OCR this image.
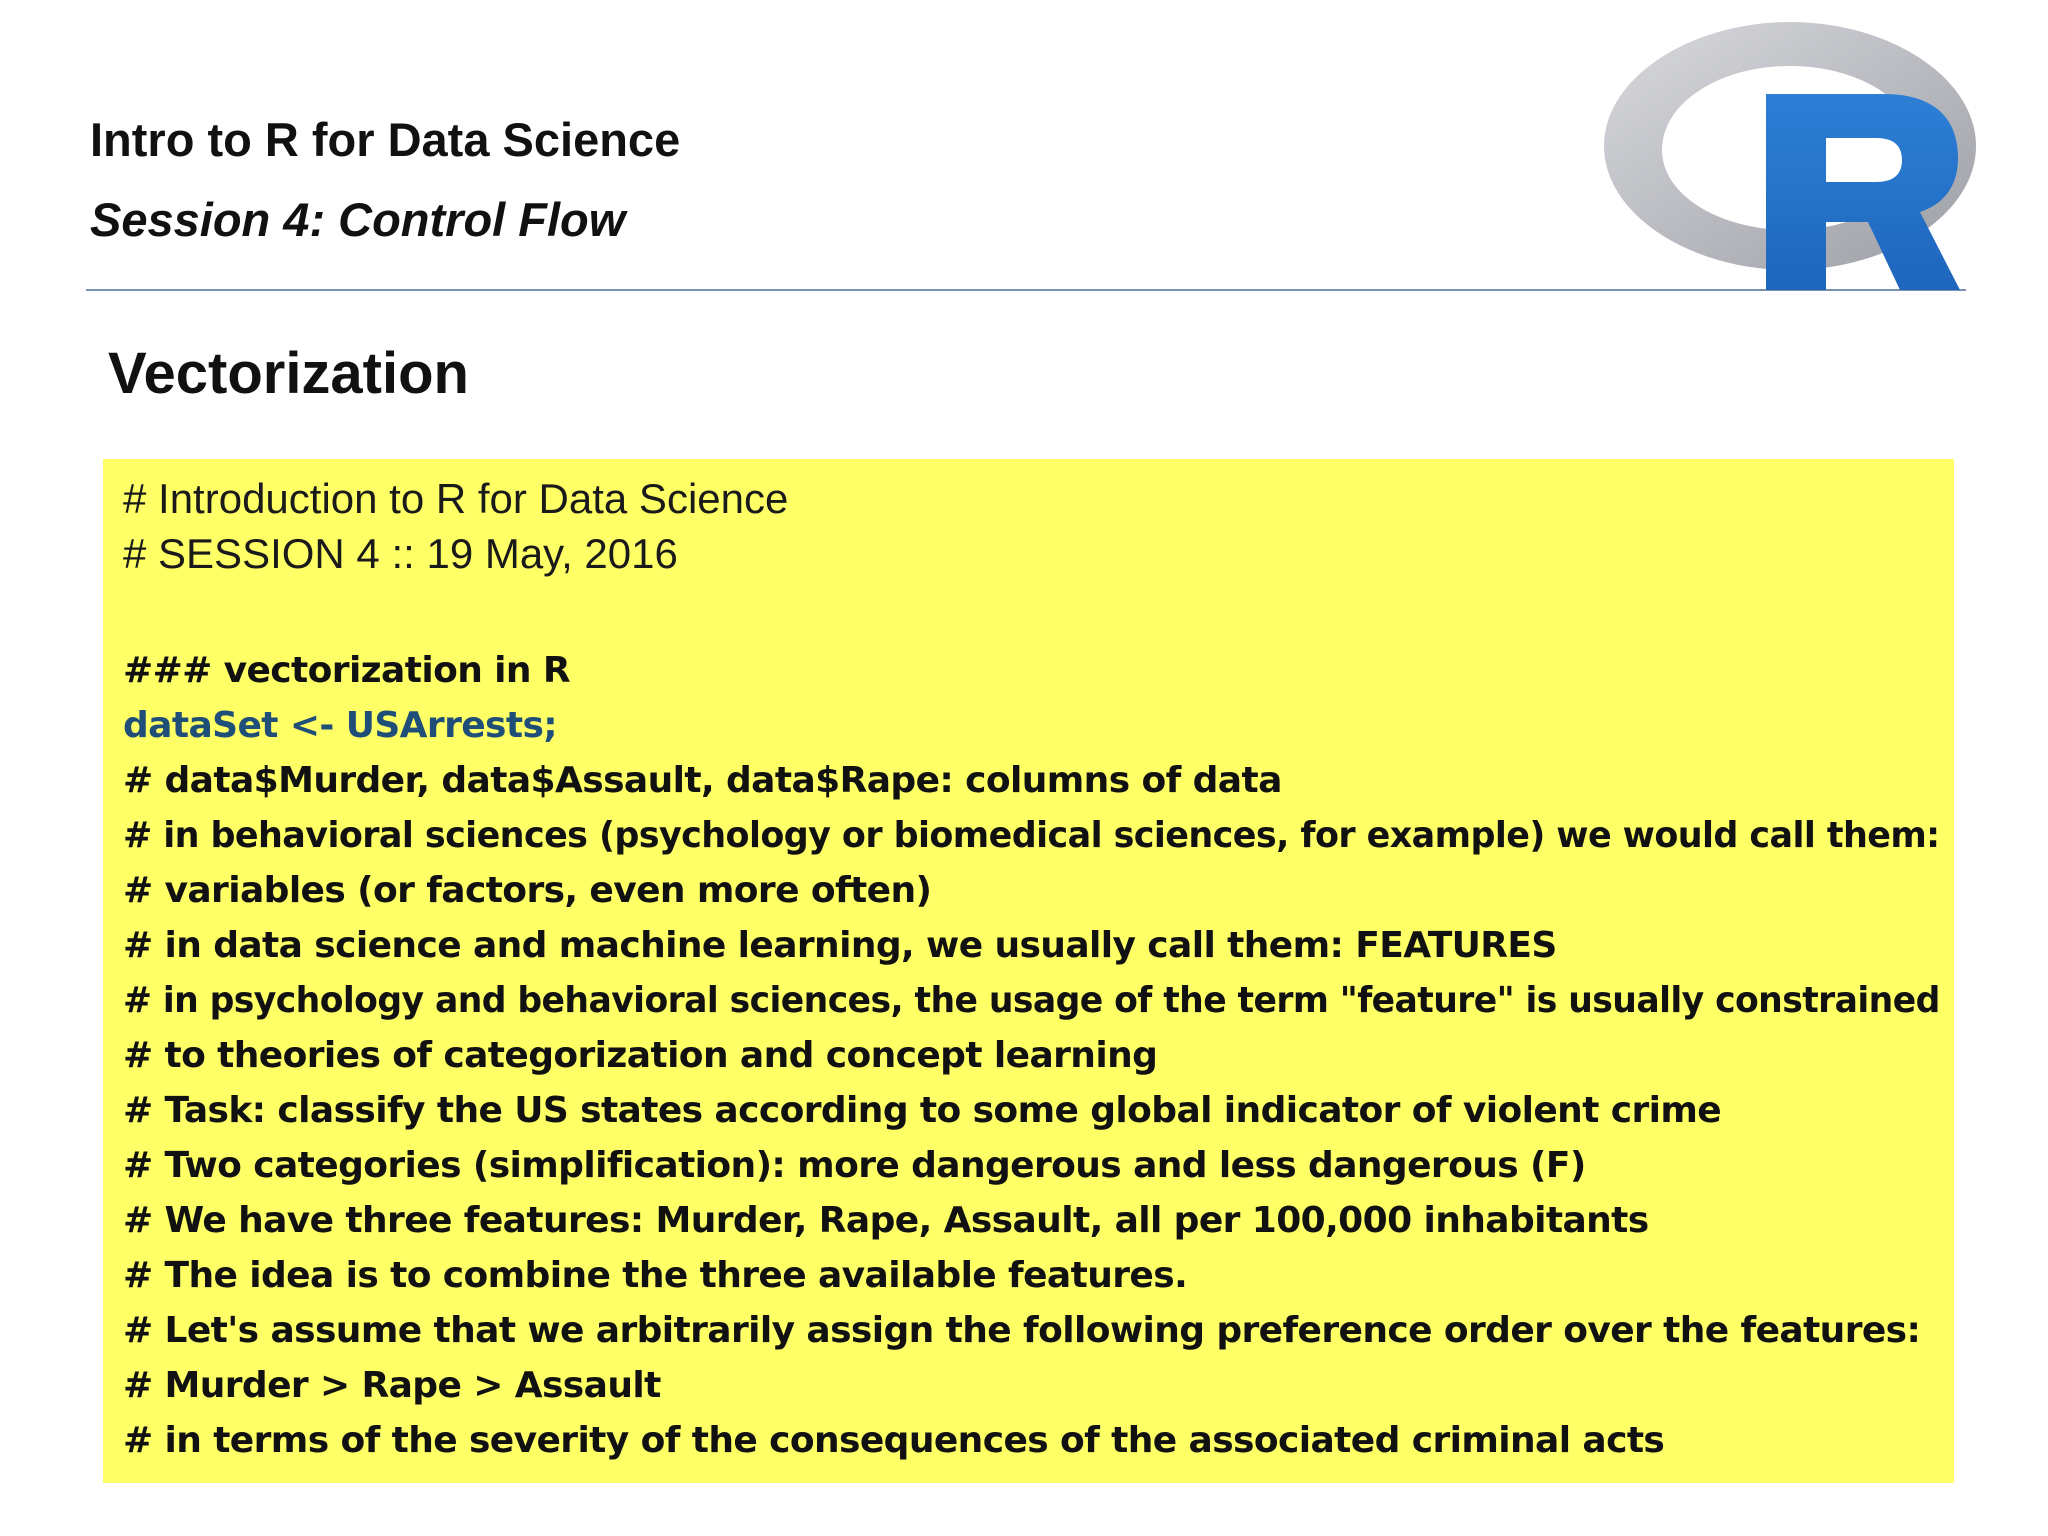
Intro to R for Data Science
Session 4: Control Flow
Vectorization
# Introduction to R for Data Science
# SESSION 4 :: 19 May, 2016
### vectorization in R
dataSet <- USArrests;
# data$Murder, data$Assault, data$Rape: columns of data
# in behavioral sciences (psychology or biomedical sciences, for example) we would call them:
# variables (or factors, even more often)
# in data science and machine learning, we usually call them: FEATURES
# in psychology and behavioral sciences, the usage of the term "feature" is usually constrained
# to theories of categorization and concept learning
# Task: classify the US states according to some global indicator of violent crime
# Two categories (simplification): more dangerous and less dangerous (F)
# We have three features: Murder, Rape, Assault, all per 100,000 inhabitants
# The idea is to combine the three available features.
# Let's assume that we arbitrarily assign the following preference order over the features:
# Murder > Rape > Assault
# in terms of the severity of the consequences of the associated criminal acts
